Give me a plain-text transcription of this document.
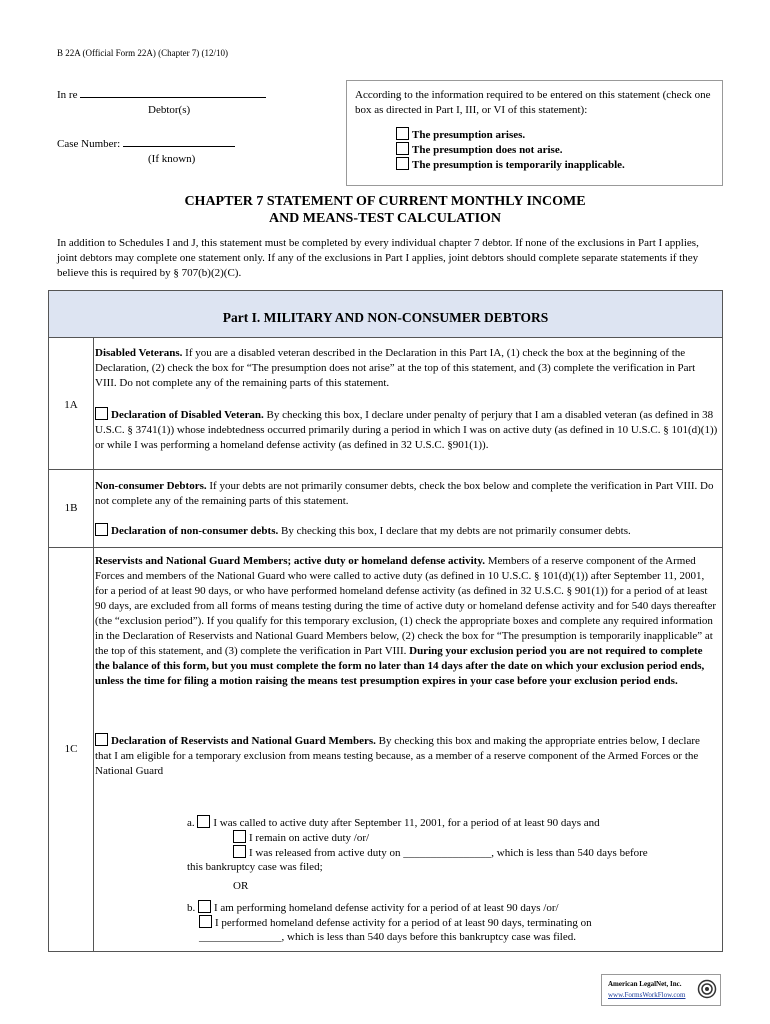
B 22A (Official Form 22A) (Chapter 7) (12/10)
In re
Debtor(s)
Case Number:
(If known)
According to the information required to be entered on this statement (check one box as directed in Part I, III, or VI of this statement):
The presumption arises.
The presumption does not arise.
The presumption is temporarily inapplicable.
CHAPTER 7 STATEMENT OF CURRENT MONTHLY INCOME
AND MEANS-TEST CALCULATION
In addition to Schedules I and J, this statement must be completed by every individual chapter 7 debtor. If none of the exclusions in Part I applies, joint debtors may complete one statement only. If any of the exclusions in Part I applies, joint debtors should complete separate statements if they believe this is required by § 707(b)(2)(C).
Part I. MILITARY AND NON-CONSUMER DEBTORS
1A
Disabled Veterans. If you are a disabled veteran described in the Declaration in this Part IA, (1) check the box at the beginning of the Declaration, (2) check the box for “The presumption does not arise” at the top of this statement, and (3) complete the verification in Part VIII. Do not complete any of the remaining parts of this statement.
Declaration of Disabled Veteran. By checking this box, I declare under penalty of perjury that I am a disabled veteran (as defined in 38 U.S.C. § 3741(1)) whose indebtedness occurred primarily during a period in which I was on active duty (as defined in 10 U.S.C. § 101(d)(1)) or while I was performing a homeland defense activity (as defined in 32 U.S.C. §901(1)).
1B
Non-consumer Debtors. If your debts are not primarily consumer debts, check the box below and complete the verification in Part VIII. Do not complete any of the remaining parts of this statement.
Declaration of non-consumer debts. By checking this box, I declare that my debts are not primarily consumer debts.
1C
Reservists and National Guard Members; active duty or homeland defense activity. Members of a reserve component of the Armed Forces and members of the National Guard who were called to active duty (as defined in 10 U.S.C. § 101(d)(1)) after September 11, 2001, for a period of at least 90 days, or who have performed homeland defense activity (as defined in 32 U.S.C. § 901(1)) for a period of at least 90 days, are excluded from all forms of means testing during the time of active duty or homeland defense activity and for 540 days thereafter (the “exclusion period”). If you qualify for this temporary exclusion, (1) check the appropriate boxes and complete any required information in the Declaration of Reservists and National Guard Members below, (2) check the box for “The presumption is temporarily inapplicable” at the top of this statement, and (3) complete the verification in Part VIII. During your exclusion period you are not required to complete the balance of this form, but you must complete the form no later than 14 days after the date on which your exclusion period ends, unless the time for filing a motion raising the means test presumption expires in your case before your exclusion period ends.
Declaration of Reservists and National Guard Members. By checking this box and making the appropriate entries below, I declare that I am eligible for a temporary exclusion from means testing because, as a member of a reserve component of the Armed Forces or the National Guard
a. I was called to active duty after September 11, 2001, for a period of at least 90 days and
I remain on active duty /or/
I was released from active duty on ________________, which is less than 540 days before
this bankruptcy case was filed;
OR
b. I am performing homeland defense activity for a period of at least 90 days /or/
I performed homeland defense activity for a period of at least 90 days, terminating on
_______________, which is less than 540 days before this bankruptcy case was filed.
American LegalNet, Inc.
www.FormsWorkFlow.com
